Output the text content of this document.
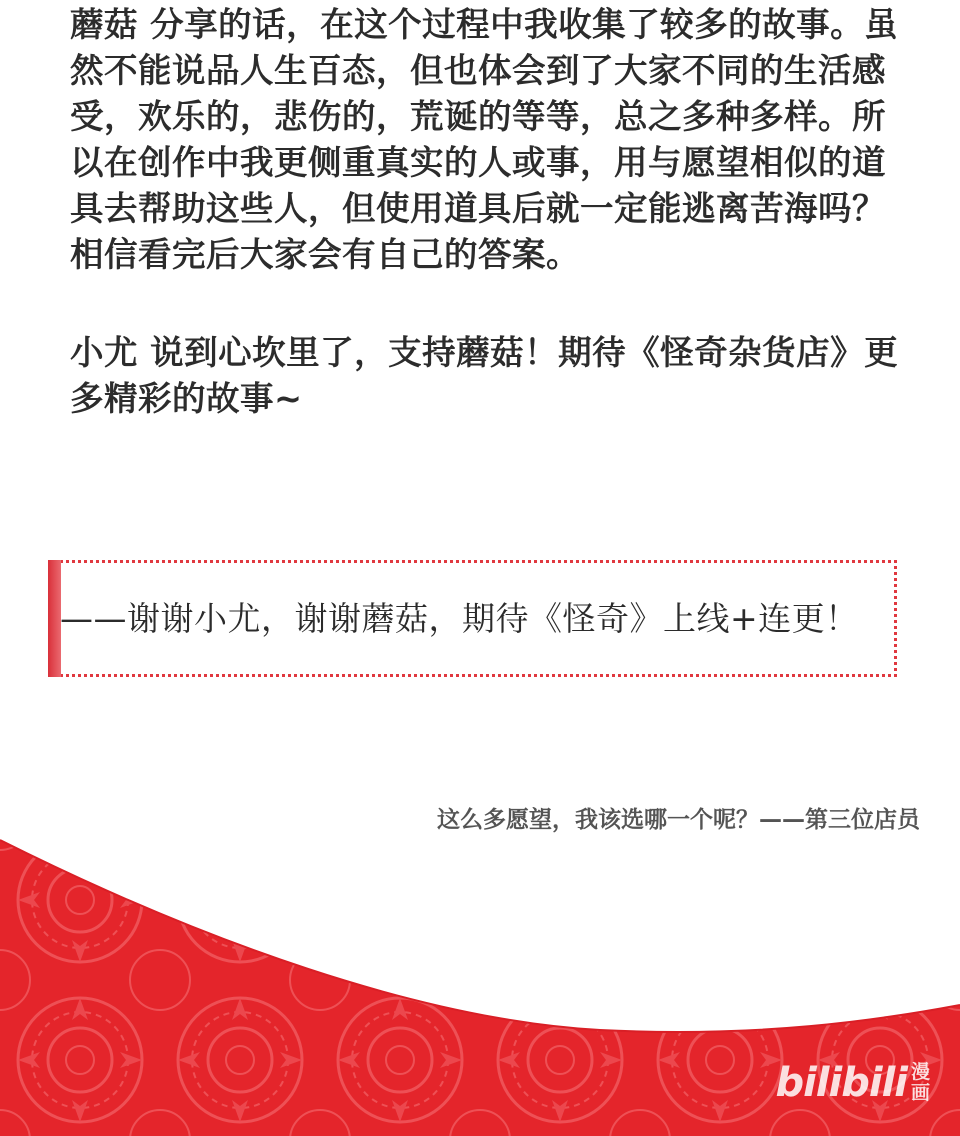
蘑菇 分享的话，在这个过程中我收集了较多的故事。虽然不能说品人生百态，但也体会到了大家不同的生活感受，欢乐的，悲伤的，荒诞的等等，总之多种多样。所以在创作中我更侧重真实的人或事，用与愿望相似的道具去帮助这些人，但使用道具后就一定能逃离苦海吗？相信看完后大家会有自己的答案。

小尤 说到心坎里了，支持蘑菇！期待《怪奇杂货店》更多精彩的故事~

——谢谢小尤，谢谢蘑菇，期待《怪奇》上线+连更！
这么多愿望，我该选哪一个呢？——第三位店员
bilibili 漫
画
